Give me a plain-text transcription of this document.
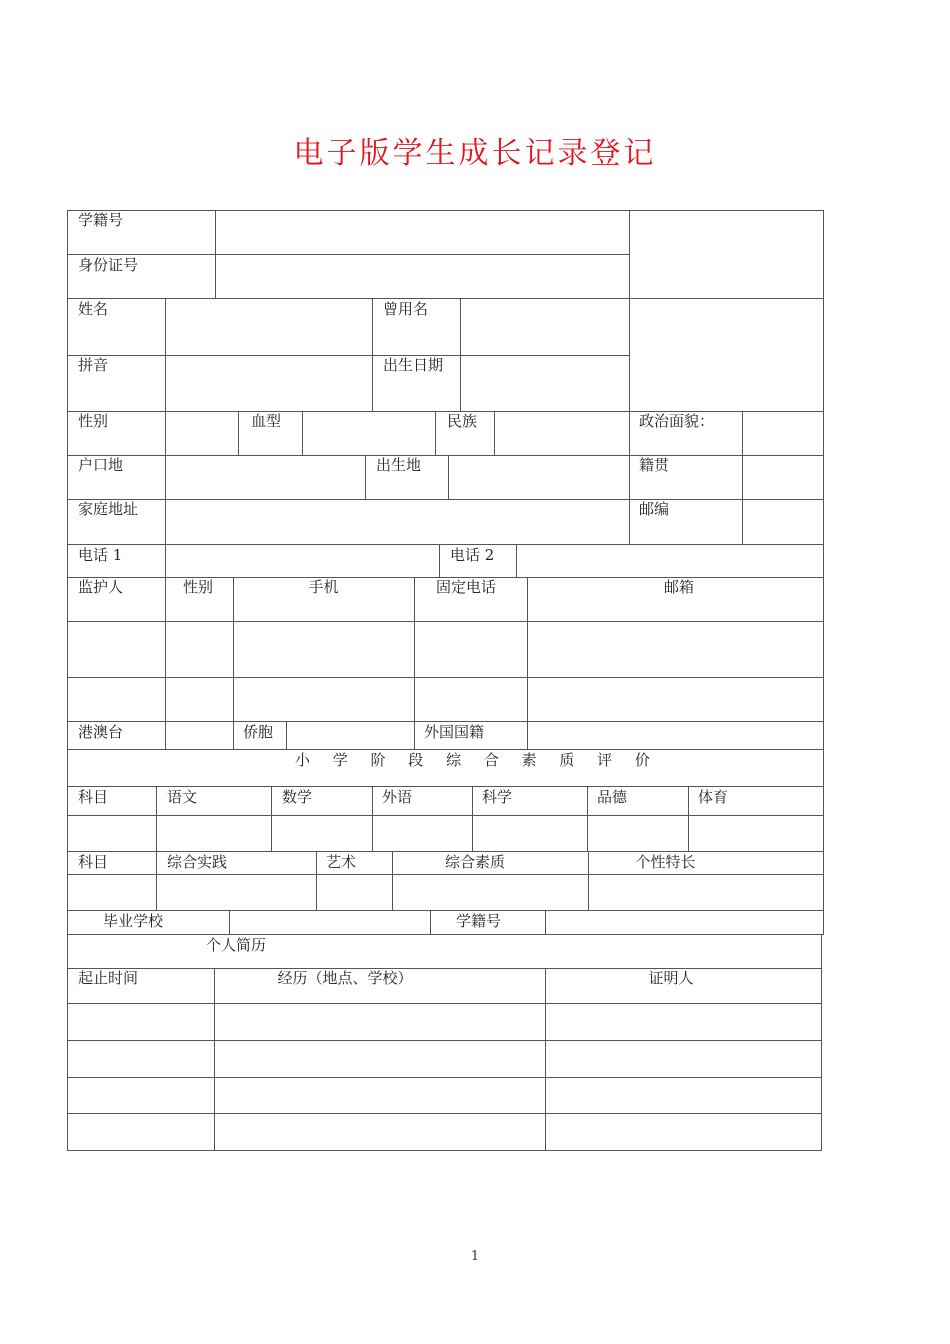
电子版学生成长记录登记
学籍号
身份证号
姓名	曾用名
拼音	出生日期
性别	血型	民族	政治面貌：
户口地	出生地	籍贯
家庭地址	邮编
电话 1	电话 2
监护人	性别	手机	固定电话	邮箱
港澳台	侨胞	外国国籍
小 学 阶 段 综 合 素 质 评 价
科目	语文	数学	外语	科学	品德	体育
科目	综合实践	艺术	综合素质	个性特长
毕业学校	学籍号
个人简历
起止时间	经历（地点、学校）	证明人
1
